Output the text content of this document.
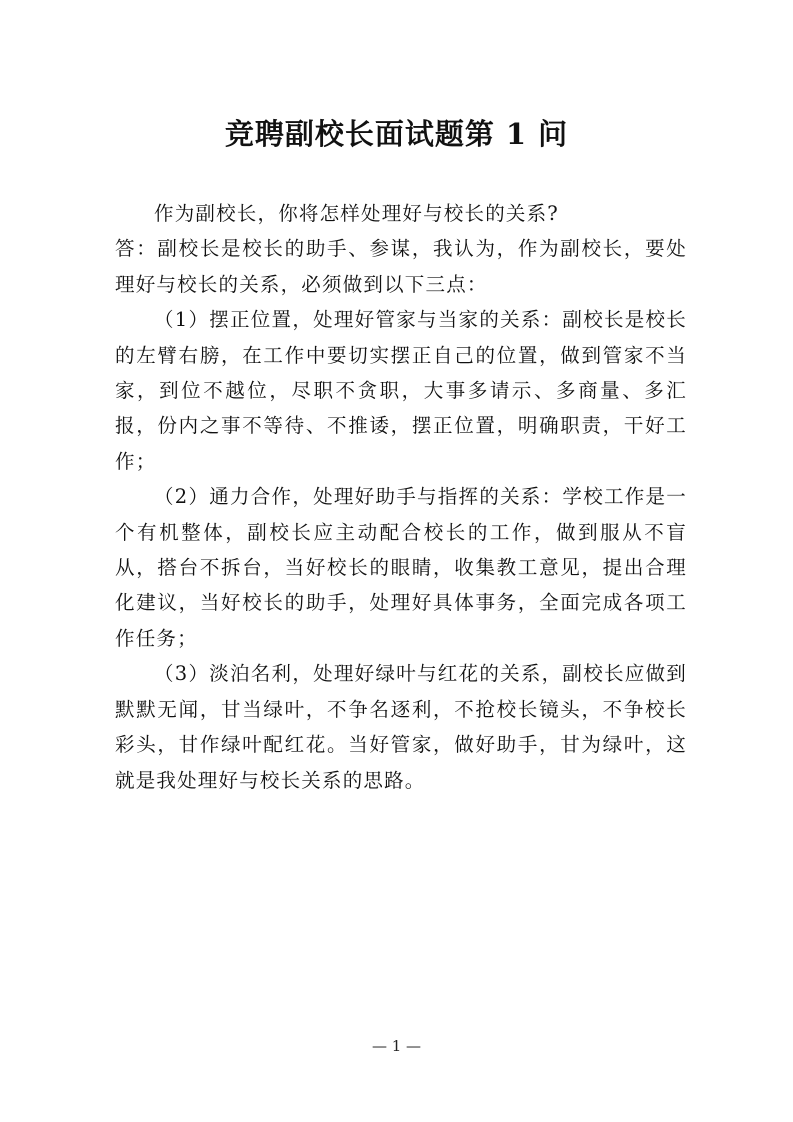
竞聘副校长面试题第 1 问

作为副校长，你将怎样处理好与校长的关系?

答：副校长是校长的助手、参谋，我认为，作为副校长，要处理好与校长的关系，必须做到以下三点：

（1）摆正位置，处理好管家与当家的关系：副校长是校长的左臂右膀，在工作中要切实摆正自己的位置，做到管家不当家，到位不越位，尽职不贪职，大事多请示、多商量、多汇报，份内之事不等待、不推诿，摆正位置，明确职责，干好工作；

（2）通力合作，处理好助手与指挥的关系：学校工作是一个有机整体，副校长应主动配合校长的工作，做到服从不盲从，搭台不拆台，当好校长的眼睛，收集教工意见，提出合理化建议，当好校长的助手，处理好具体事务，全面完成各项工作任务；

（3）淡泊名利，处理好绿叶与红花的关系，副校长应做到默默无闻，甘当绿叶，不争名逐利，不抢校长镜头，不争校长彩头，甘作绿叶配红花。当好管家，做好助手，甘为绿叶，这就是我处理好与校长关系的思路。

— 1 —
